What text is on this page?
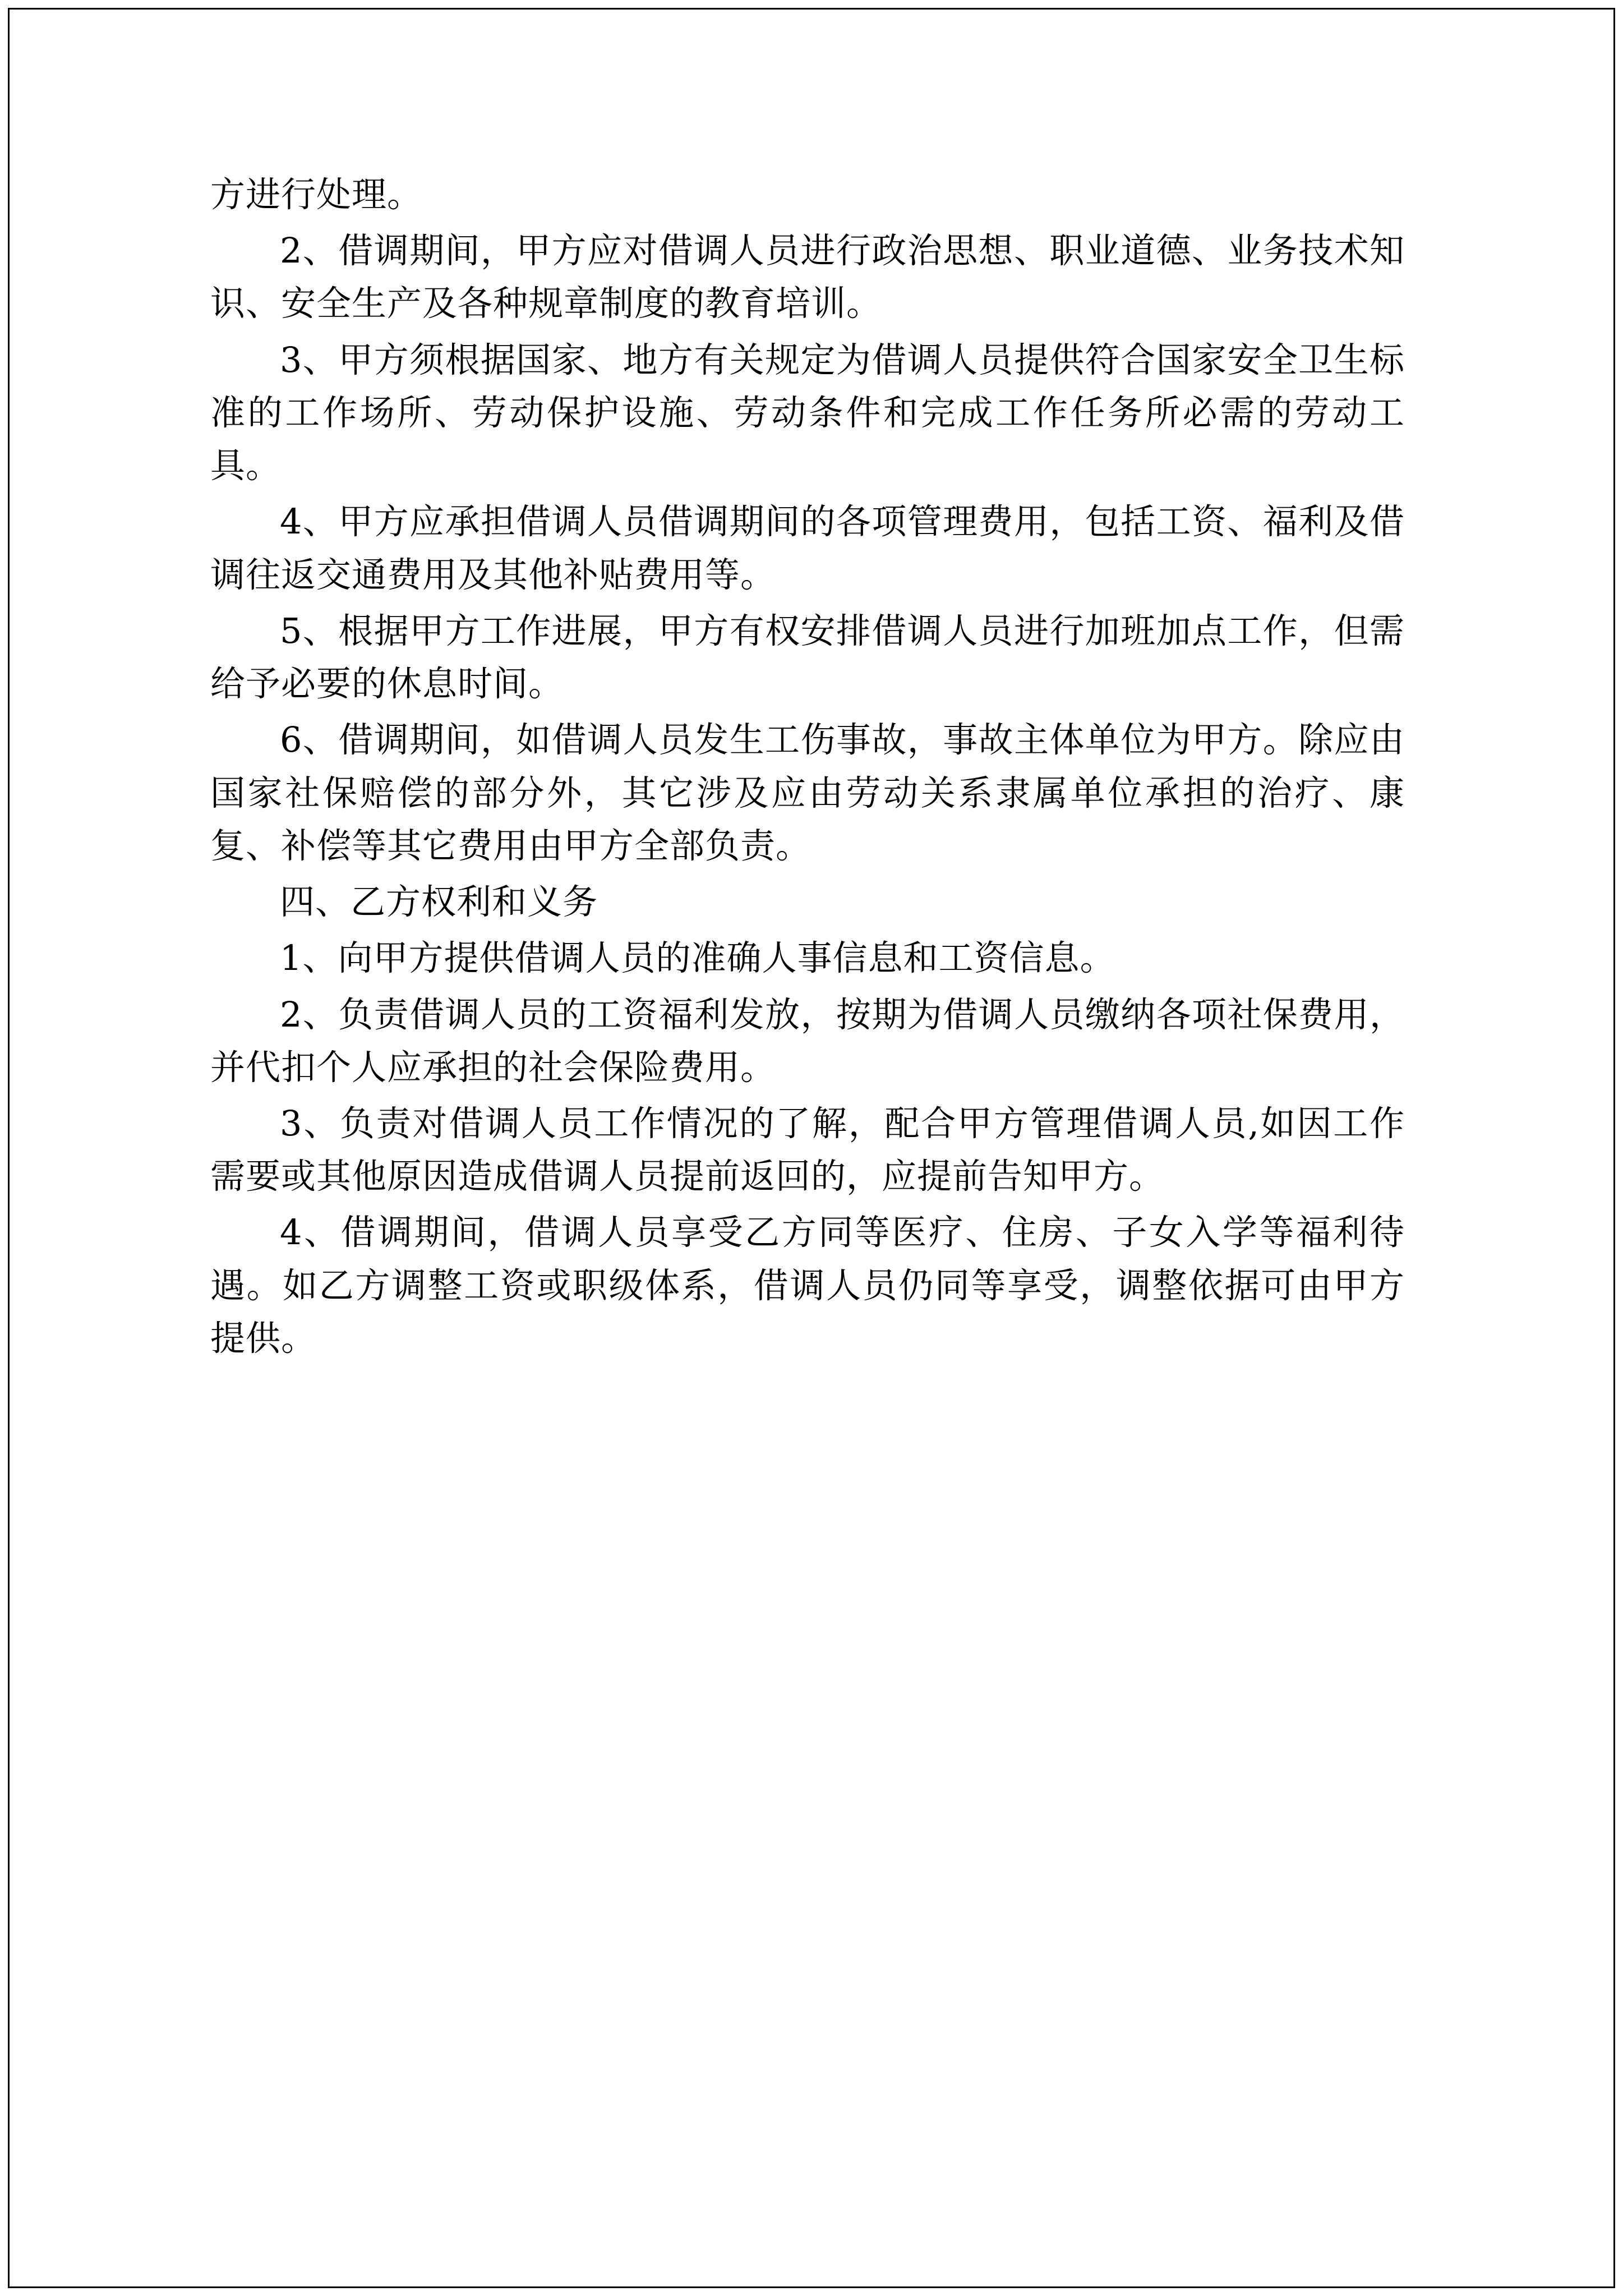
方进行处理。

2、借调期间，甲方应对借调人员进行政治思想、职业道德、业务技术知识、安全生产及各种规章制度的教育培训。

3、甲方须根据国家、地方有关规定为借调人员提供符合国家安全卫生标准的工作场所、劳动保护设施、劳动条件和完成工作任务所必需的劳动工具。

4、甲方应承担借调人员借调期间的各项管理费用，包括工资、福利及借调往返交通费用及其他补贴费用等。

5、根据甲方工作进展，甲方有权安排借调人员进行加班加点工作，但需给予必要的休息时间。

6、借调期间，如借调人员发生工伤事故，事故主体单位为甲方。除应由国家社保赔偿的部分外，其它涉及应由劳动关系隶属单位承担的治疗、康复、补偿等其它费用由甲方全部负责。

四、乙方权利和义务

1、向甲方提供借调人员的准确人事信息和工资信息。

2、负责借调人员的工资福利发放，按期为借调人员缴纳各项社保费用，并代扣个人应承担的社会保险费用。

3、负责对借调人员工作情况的了解，配合甲方管理借调人员,如因工作需要或其他原因造成借调人员提前返回的，应提前告知甲方。

4、借调期间，借调人员享受乙方同等医疗、住房、子女入学等福利待遇。如乙方调整工资或职级体系，借调人员仍同等享受，调整依据可由甲方提供。
